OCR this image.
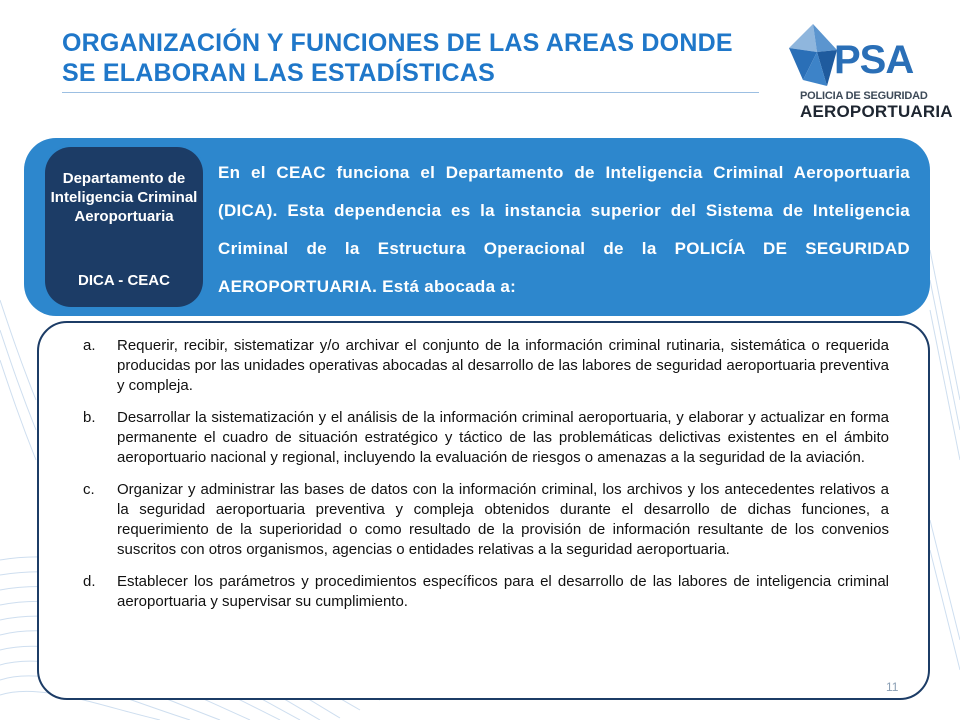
ORGANIZACIÓN Y FUNCIONES DE LAS AREAS DONDE
SE ELABORAN LAS ESTADÍSTICAS	PSA
POLICIA DE SEGURIDAD
AEROPORTUARIA
Departamento de Inteligencia Criminal Aeroportuaria
DICA - CEAC

En el CEAC funciona el Departamento de Inteligencia Criminal Aeroportuaria (DICA). Esta dependencia es la instancia superior del Sistema de Inteligencia Criminal de la Estructura Operacional de la POLICÍA DE SEGURIDAD AEROPORTUARIA. Está abocada a:

a. Requerir, recibir, sistematizar y/o archivar el conjunto de la información criminal rutinaria, sistemática o requerida producidas por las unidades operativas abocadas al desarrollo de las labores de seguridad aeroportuaria preventiva y compleja.
b. Desarrollar la sistematización y el análisis de la información criminal aeroportuaria, y elaborar y actualizar en forma permanente el cuadro de situación estratégico y táctico de las problemáticas delictivas existentes en el ámbito aeroportuario nacional y regional, incluyendo la evaluación de riesgos o amenazas a la seguridad de la aviación.
c. Organizar y administrar las bases de datos con la información criminal, los archivos y los antecedentes relativos a la seguridad aeroportuaria preventiva y compleja obtenidos durante el desarrollo de dichas funciones, a requerimiento de la superioridad o como resultado de la provisión de información resultante de los convenios suscritos con otros organismos, agencias o entidades relativas a la seguridad aeroportuaria.
d. Establecer los parámetros y procedimientos específicos para el desarrollo de las labores de inteligencia criminal aeroportuaria y supervisar su cumplimiento.
11
